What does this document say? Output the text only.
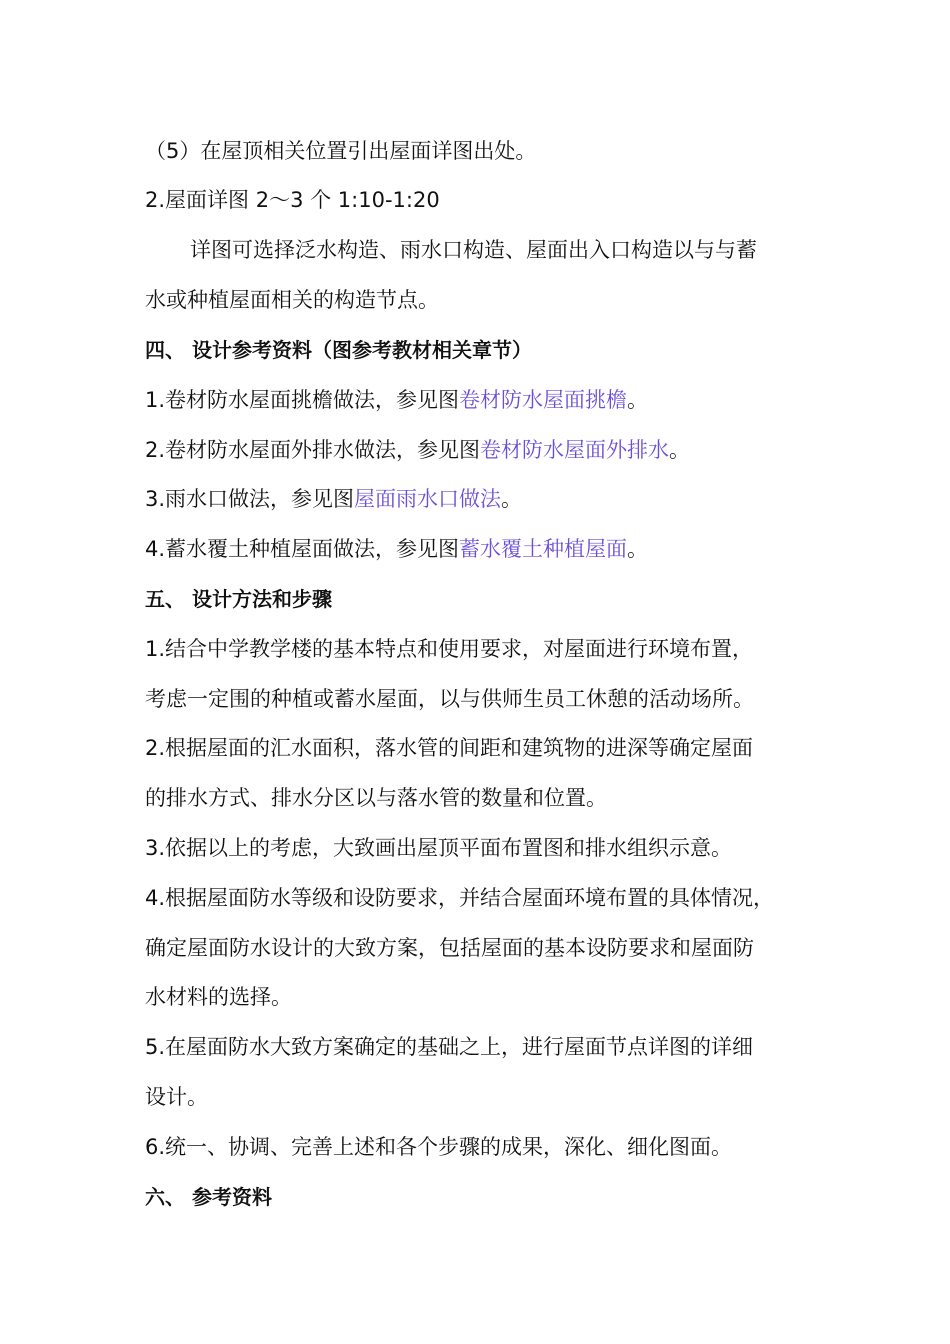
（5）在屋顶相关位置引出屋面详图出处。
2.屋面详图 2～3 个 1:10-1:20
详图可选择泛水构造、雨水口构造、屋面出入口构造以与与蓄
水或种植屋面相关的构造节点。
四、 设计参考资料（图参考教材相关章节）
1.卷材防水屋面挑檐做法，参见图卷材防水屋面挑檐。
2.卷材防水屋面外排水做法，参见图卷材防水屋面外排水。
3.雨水口做法，参见图屋面雨水口做法。
4.蓄水覆土种植屋面做法，参见图蓄水覆土种植屋面。
五、 设计方法和步骤
1.结合中学教学楼的基本特点和使用要求，对屋面进行环境布置，
考虑一定围的种植或蓄水屋面，以与供师生员工休憩的活动场所。
2.根据屋面的汇水面积，落水管的间距和建筑物的进深等确定屋面
的排水方式、排水分区以与落水管的数量和位置。
3.依据以上的考虑，大致画出屋顶平面布置图和排水组织示意。
4.根据屋面防水等级和设防要求，并结合屋面环境布置的具体情况，
确定屋面防水设计的大致方案，包括屋面的基本设防要求和屋面防
水材料的选择。
5.在屋面防水大致方案确定的基础之上，进行屋面节点详图的详细
设计。
6.统一、协调、完善上述和各个步骤的成果，深化、细化图面。
六、 参考资料
